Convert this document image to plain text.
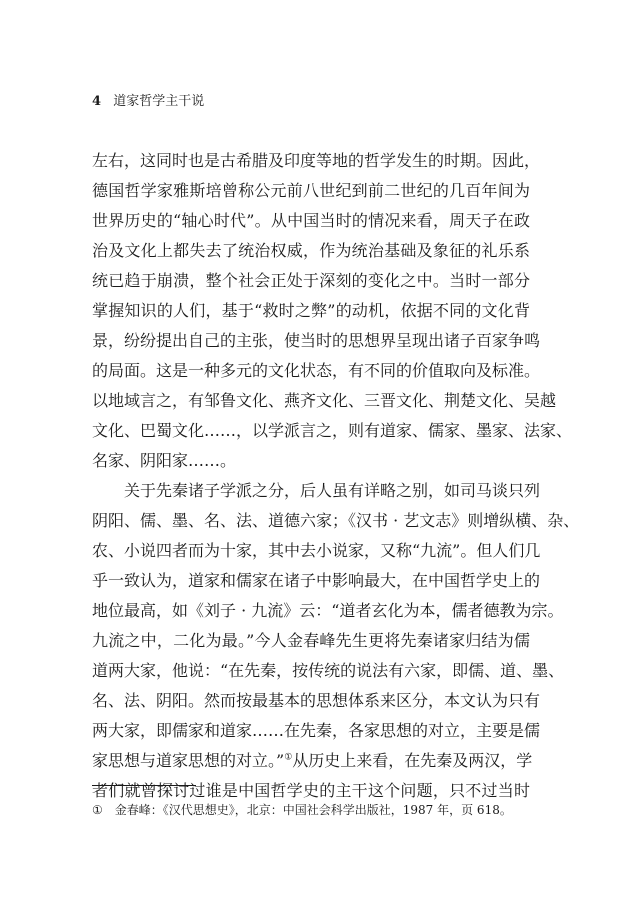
4 道家哲学主干说
左右，这同时也是古希腊及印度等地的哲学发生的时期。因此，
德国哲学家雅斯培曾称公元前八世纪到前二世纪的几百年间为
世界历史的“轴心时代”。从中国当时的情况来看，周天子在政
治及文化上都失去了统治权威，作为统治基础及象征的礼乐系
统已趋于崩溃，整个社会正处于深刻的变化之中。当时一部分
掌握知识的人们，基于“救时之弊”的动机，依据不同的文化背
景，纷纷提出自己的主张，使当时的思想界呈现出诸子百家争鸣
的局面。这是一种多元的文化状态，有不同的价值取向及标准。
以地域言之，有邹鲁文化、燕齐文化、三晋文化、荆楚文化、吴越
文化、巴蜀文化……，以学派言之，则有道家、儒家、墨家、法家、
名家、阴阳家……。
关于先秦诸子学派之分，后人虽有详略之别，如司马谈只列
阴阳、儒、墨、名、法、道德六家；《汉书 · 艺文志》则增纵横、杂、
农、小说四者而为十家，其中去小说家，又称“九流”。但人们几
乎一致认为，道家和儒家在诸子中影响最大，在中国哲学史上的
地位最高，如《刘子 · 九流》云：“道者玄化为本，儒者德教为宗。
九流之中，二化为最。”今人金春峰先生更将先秦诸家归结为儒
道两大家，他说：“在先秦，按传统的说法有六家，即儒、道、墨、
名、法、阴阳。然而按最基本的思想体系来区分，本文认为只有
两大家，即儒家和道家……在先秦，各家思想的对立，主要是儒
家思想与道家思想的对立。”①从历史上来看，在先秦及两汉，学
者们就曾探讨过谁是中国哲学史的主干这个问题，只不过当时
① 金春峰：《汉代思想史》，北京：中国社会科学出版社，1987 年，页 618。
